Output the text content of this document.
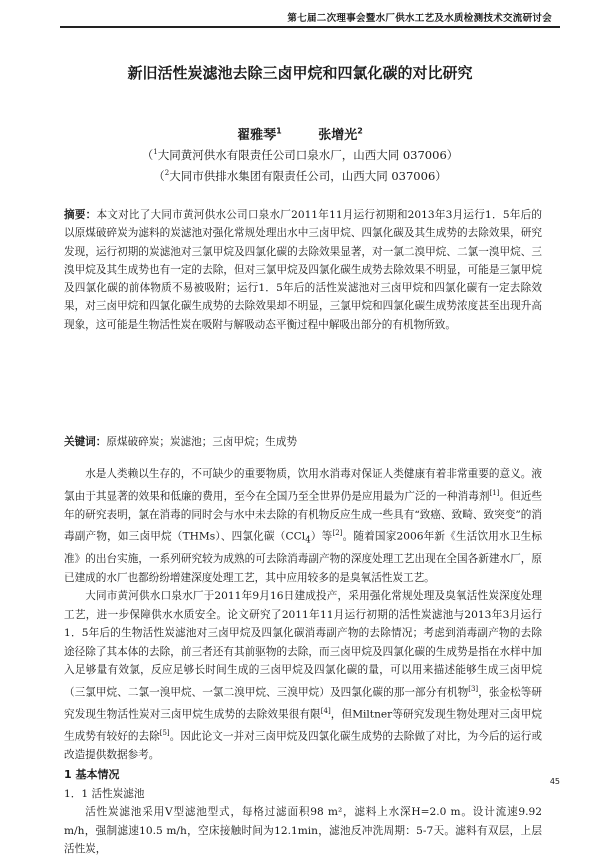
第七届二次理事会暨水厂供水工艺及水质检测技术交流研讨会
新旧活性炭滤池去除三卤甲烷和四氯化碳的对比研究
翟雅琴$^1$	张增光$^2$
（$^1$大同黄河供水有限责任公司口泉水厂，山西大同 037006）
（$^2$大同市供排水集团有限责任公司，山西大同 037006）
摘要：本文对比了大同市黄河供水公司口泉水厂2011年11月运行初期和2013年3月运行1．5年后的以原煤破碎炭为滤料的炭滤池对强化常规处理出水中三卤甲烷、四氯化碳及其生成势的去除效果，研究发现，运行初期的炭滤池对三氯甲烷及四氯化碳的去除效果显著，对一氯二溴甲烷、二氯一溴甲烷、三溴甲烷及其生成势也有一定的去除，但对三氯甲烷及四氯化碳生成势去除效果不明显，可能是三氯甲烷及四氯化碳的前体物质不易被吸附；运行1．5年后的活性炭滤池对三卤甲烷和四氯化碳有一定去除效果，对三卤甲烷和四氯化碳生成势的去除效果却不明显，三氯甲烷和四氯化碳生成势浓度甚至出现升高现象，这可能是生物活性炭在吸附与解吸动态平衡过程中解吸出部分的有机物所致。
关键词：原煤破碎炭；炭滤池；三卤甲烷；生成势

水是人类赖以生存的，不可缺少的重要物质，饮用水消毒对保证人类健康有着非常重要的意义。液氯由于其显著的效果和低廉的费用，至今在全国乃至全世界仍是应用最为广泛的一种消毒剂[1]。但近些年的研究表明，氯在消毒的同时会与水中未去除的有机物反应生成一些具有“致癌、致畸、致突变”的消毒副产物，如三卤甲烷（THMs）、四氯化碳（CCl$_4$）等[2]。随着国家2006年新《生活饮用水卫生标准》的出台实施，一系列研究较为成熟的可去除消毒副产物的深度处理工艺出现在全国各新建水厂，原已建成的水厂也都纷纷增建深度处理工艺，其中应用较多的是臭氧活性炭工艺。

大同市黄河供水口泉水厂于2011年9月16日建成投产，采用强化常规处理及臭氧活性炭深度处理工艺，进一步保障供水水质安全。论文研究了2011年11月运行初期的活性炭滤池与2013年3月运行1．5年后的生物活性炭滤池对三卤甲烷及四氯化碳消毒副产物的去除情况；考虑到消毒副产物的去除途径除了其本体的去除，前三者还有其前驱物的去除，而三卤甲烷及四氯化碳的生成势是指在水样中加入足够量有效氯，反应足够长时间生成的三卤甲烷及四氯化碳的量，可以用来描述能够生成三卤甲烷（三氯甲烷、二氯一溴甲烷、一氯二溴甲烷、三溴甲烷）及四氯化碳的那一部分有机物[3]，张金松等研究发现生物活性炭对三卤甲烷生成势的去除效果很有限[4]，但Miltner等研究发现生物处理对三卤甲烷生成势有较好的去除[5]。因此论文一并对三卤甲烷及四氯化碳生成势的去除做了对比，为今后的运行或改造提供数据参考。

1 基本情况
1．1 活性炭滤池

活性炭滤池采用V型滤池型式，每格过滤面积98 m²，滤料上水深H=2.0 m。设计流速9.92 m/h，强制滤速10.5 m/h，空床接触时间为12.1min，滤池反冲洗周期：5-7天。滤料有双层，上层活性炭，

45
